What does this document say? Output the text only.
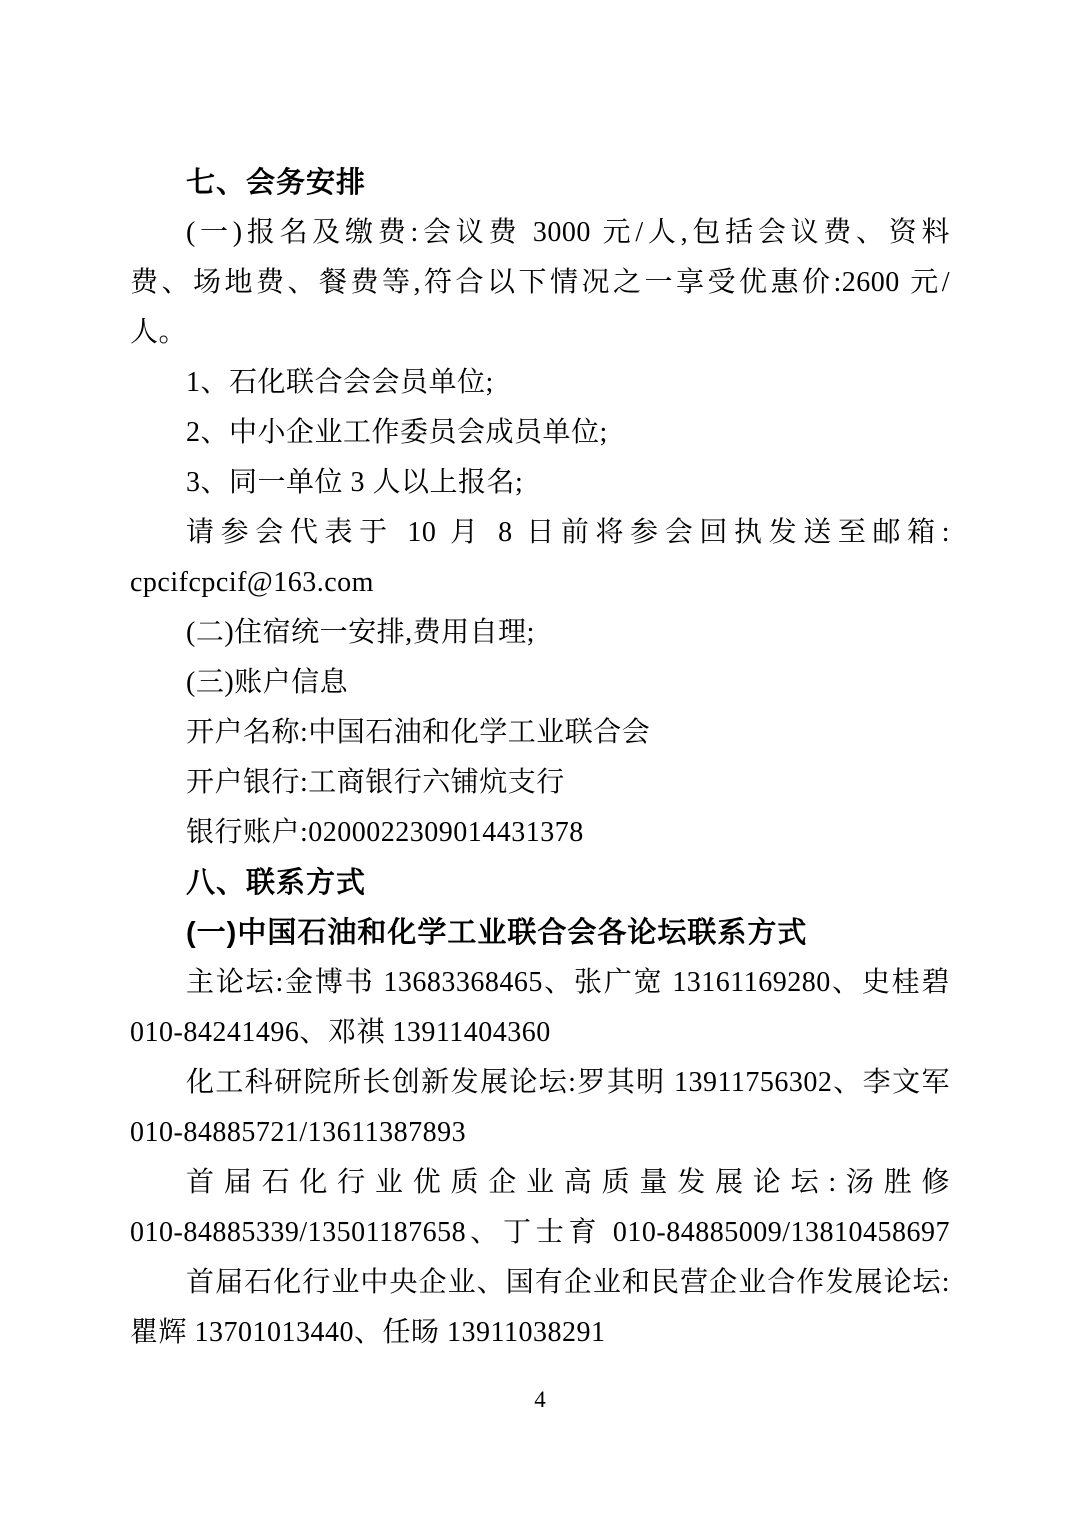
七、会务安排
(一)报名及缴费:会议费 3000 元/人,包括会议费、资料
费、场地费、餐费等,符合以下情况之一享受优惠价:2600 元/
人。
1、石化联合会会员单位;
2、中小企业工作委员会成员单位;
3、同一单位 3 人以上报名;
请参会代表于 10 月 8 日前将参会回执发送至邮箱:
cpcifcpcif@163.com
(二)住宿统一安排,费用自理;
(三)账户信息
开户名称:中国石油和化学工业联合会
开户银行:工商银行六铺炕支行
银行账户:0200022309014431378
八、联系方式
(一)中国石油和化学工业联合会各论坛联系方式
主论坛:金博书 13683368465、张广宽 13161169280、史桂碧
010-84241496、邓祺 13911404360
化工科研院所长创新发展论坛:罗其明 13911756302、李文军
010-84885721/13611387893
首届石化行业优质企业高质量发展论坛:汤胜修
010-84885339/13501187658、丁士育 010-84885009/13810458697
首届石化行业中央企业、国有企业和民营企业合作发展论坛:
瞿辉 13701013440、任旸 13911038291
4
